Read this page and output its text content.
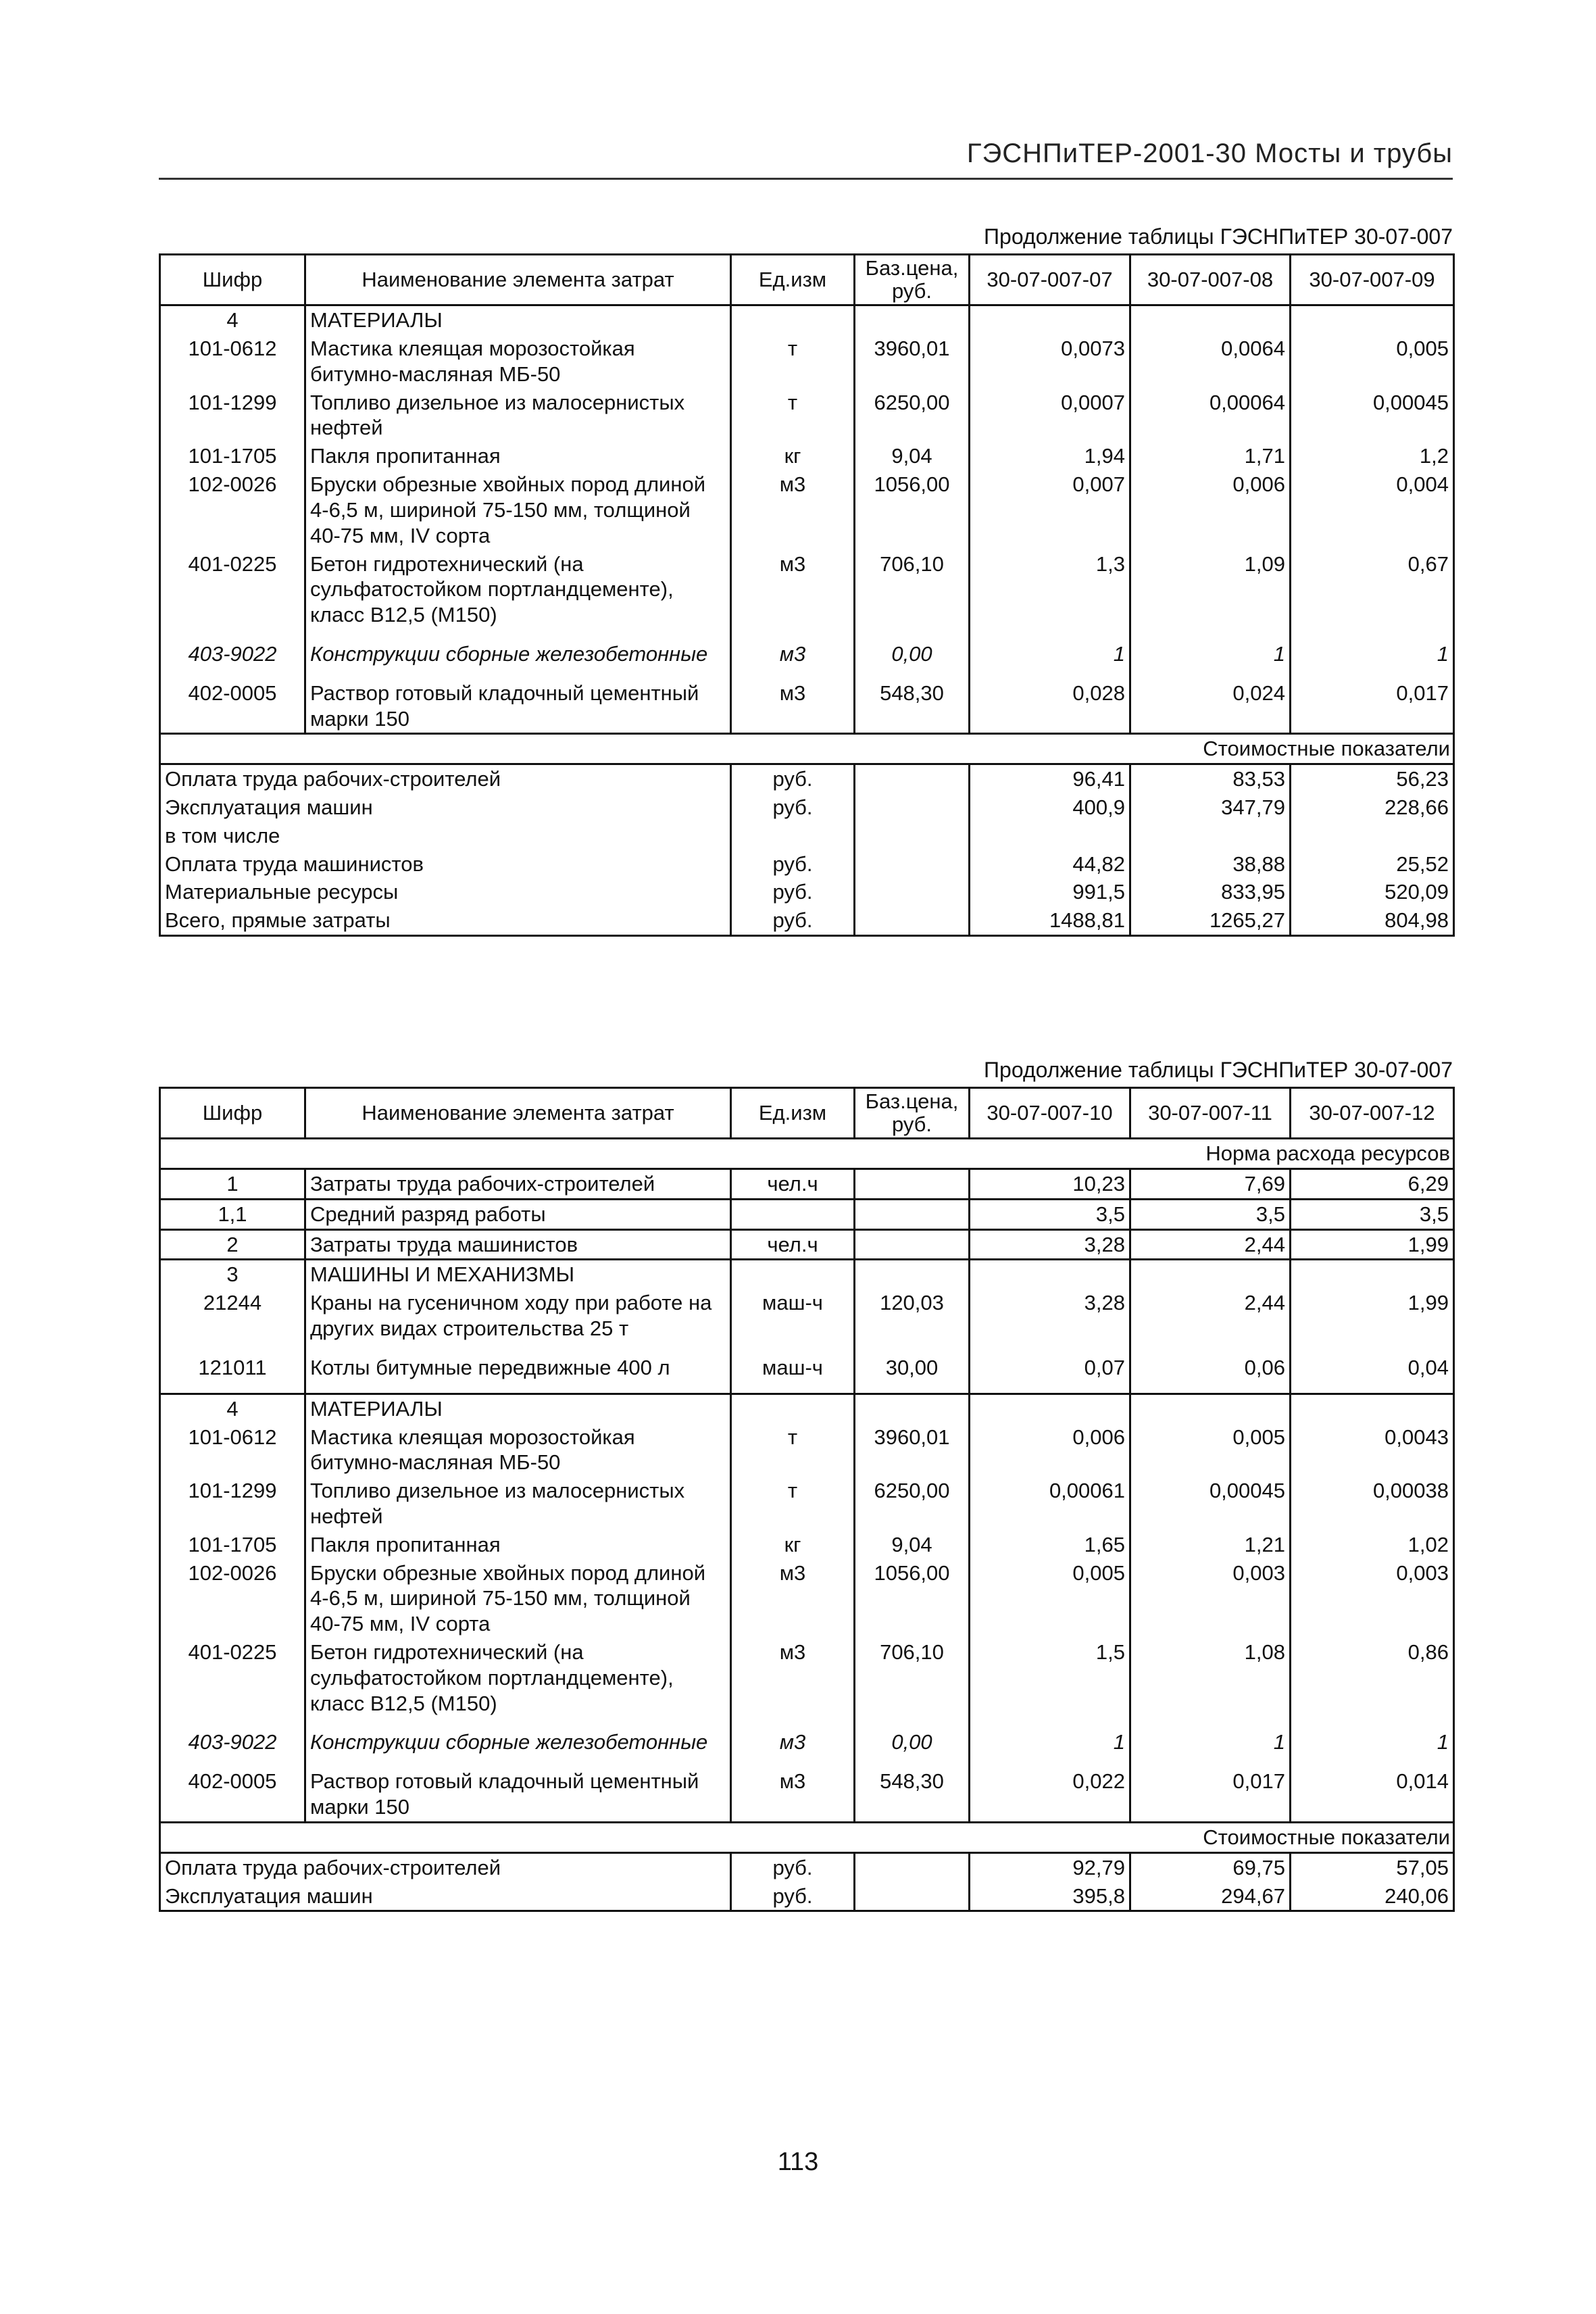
ГЭСНПиТЕР-2001-30 Мосты и трубы
Продолжение таблицы ГЭСНПиТЕР 30-07-007
Шифр	Наименование элемента затрат	Ед.изм	Баз.цена, руб.	30-07-007-07	30-07-007-08	30-07-007-09
4	МАТЕРИАЛЫ					
101-0612	Мастика клеящая морозостойкая битумно-масляная МБ-50	т	3960,01	0,0073	0,0064	0,005
101-1299	Топливо дизельное из малосернистых нефтей	т	6250,00	0,0007	0,00064	0,00045
101-1705	Пакля пропитанная	кг	9,04	1,94	1,71	1,2
102-0026	Бруски обрезные хвойных пород длиной 4-6,5 м, шириной 75-150 мм, толщиной 40-75 мм, IV сорта	м3	1056,00	0,007	0,006	0,004
401-0225	Бетон гидротехнический (на сульфатостойком портландцементе), класс В12,5 (М150)	м3	706,10	1,3	1,09	0,67

403-9022	Конструкции сборные железобетонные	м3	0,00	1	1	1

402-0005	Раствор готовый кладочный цементный марки 150	м3	548,30	0,028	0,024	0,017
Стоимостные показатели						
Оплата труда рабочих-строителей		руб.		96,41	83,53	56,23
Эксплуатация машин		руб.		400,9	347,79	228,66
в том числе						
Оплата труда машинистов		руб.		44,82	38,88	25,52
Материальные ресурсы		руб.		991,5	833,95	520,09
Всего, прямые затраты		руб.		1488,81	1265,27	804,98
Продолжение таблицы ГЭСНПиТЕР 30-07-007
Шифр	Наименование элемента затрат	Ед.изм	Баз.цена, руб.	30-07-007-10	30-07-007-11	30-07-007-12
Норма расхода ресурсов						
1	Затраты труда рабочих-строителей	чел.ч		10,23	7,69	6,29
1,1	Средний разряд работы			3,5	3,5	3,5
2	Затраты труда машинистов	чел.ч		3,28	2,44	1,99
3	МАШИНЫ И МЕХАНИЗМЫ					
21244	Краны на гусеничном ходу при работе на других видах строительства 25 т	маш-ч	120,03	3,28	2,44	1,99

121011	Котлы битумные передвижные 400 л	маш-ч	30,00	0,07	0,06	0,04

4	МАТЕРИАЛЫ					
101-0612	Мастика клеящая морозостойкая битумно-масляная МБ-50	т	3960,01	0,006	0,005	0,0043
101-1299	Топливо дизельное из малосернистых нефтей	т	6250,00	0,00061	0,00045	0,00038
101-1705	Пакля пропитанная	кг	9,04	1,65	1,21	1,02
102-0026	Бруски обрезные хвойных пород длиной 4-6,5 м, шириной 75-150 мм, толщиной 40-75 мм, IV сорта	м3	1056,00	0,005	0,003	0,003
401-0225	Бетон гидротехнический (на сульфатостойком портландцементе), класс В12,5 (М150)	м3	706,10	1,5	1,08	0,86

403-9022	Конструкции сборные железобетонные	м3	0,00	1	1	1

402-0005	Раствор готовый кладочный цементный марки 150	м3	548,30	0,022	0,017	0,014
Стоимостные показатели						
Оплата труда рабочих-строителей		руб.		92,79	69,75	57,05
Эксплуатация машин		руб.		395,8	294,67	240,06
113
